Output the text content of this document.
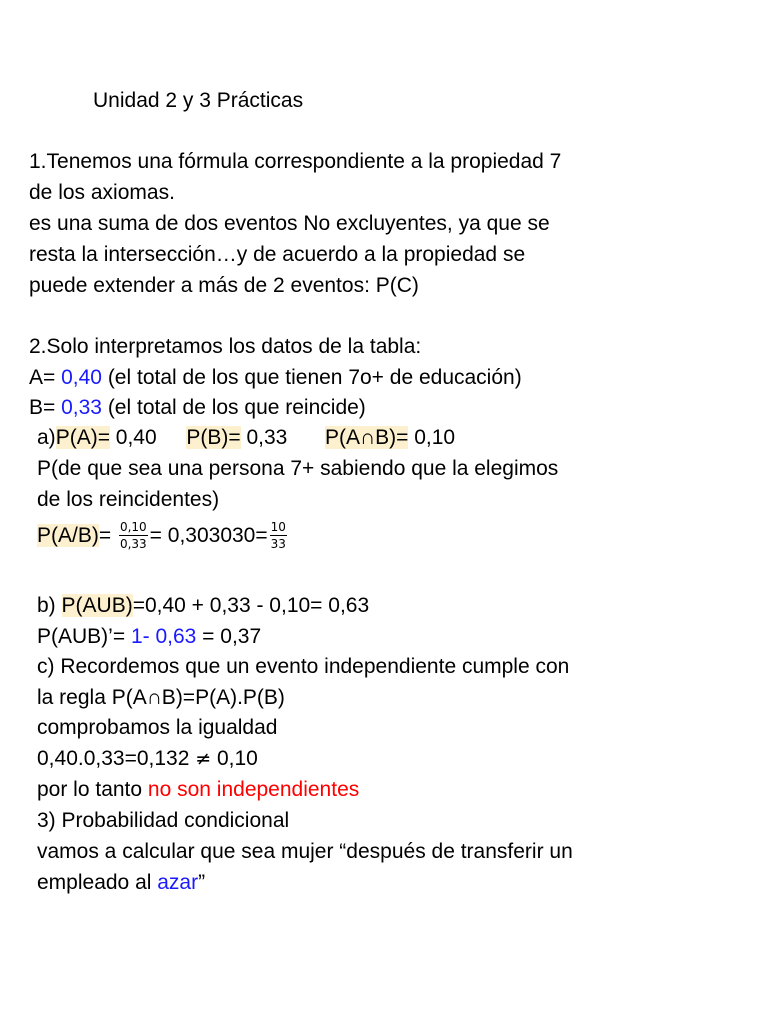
Unidad 2 y 3 Prácticas
1.Tenemos una fórmula correspondiente a la propiedad 7
de los axiomas.
es una suma de dos eventos No excluyentes, ya que se
resta la intersección…y de acuerdo a la propiedad se
puede extender a más de 2 eventos: P(C)
2.Solo interpretamos los datos de la tabla:
A= 0,40 (el total de los que tienen 7o+ de educación)
B= 0,33 (el total de los que reincide)
a)P(A)= 0,40 P(B)= 0,33 P(A∩B)= 0,10
P(de que sea una persona 7+ sabiendo que la elegimos
de los reincidentes)
$P(A/B)= \frac{0,10}{0,33} = 0,303030= \frac{10}{33}$
b) P(AUB)=0,40 + 0,33 - 0,10= 0,63
P(AUB)’= 1- 0,63 = 0,37
c) Recordemos que un evento independiente cumple con
la regla P(A∩B)=P(A).P(B)
comprobamos la igualdad
0,40.0,33=0,132 ≠ 0,10
por lo tanto no son independientes
3) Probabilidad condicional
vamos a calcular que sea mujer “después de transferir un
empleado al azar”
